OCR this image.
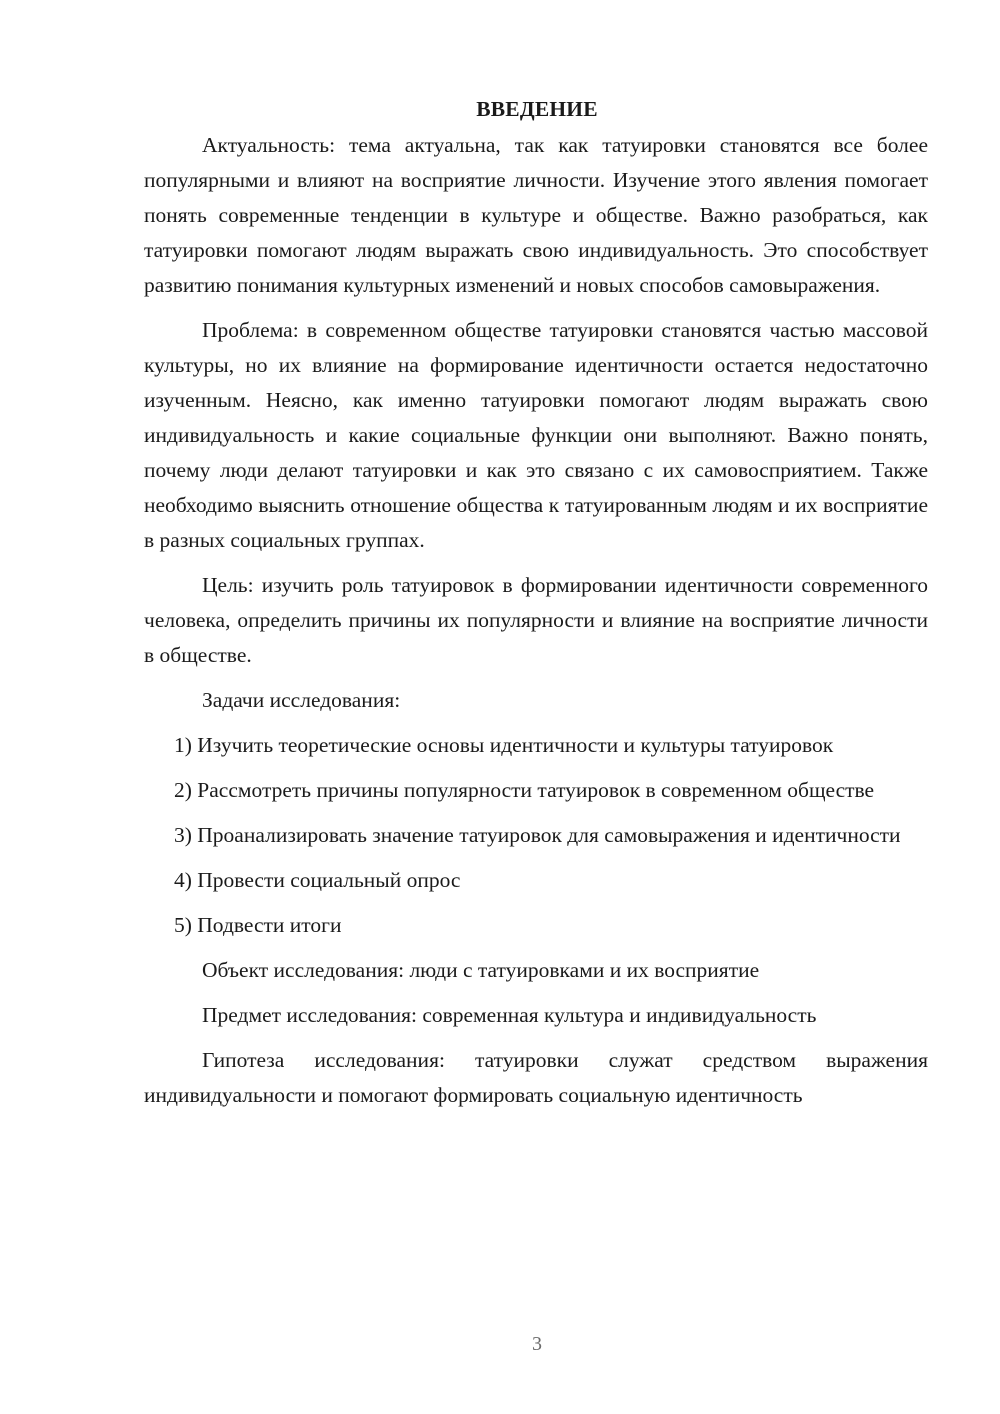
ВВЕДЕНИЕ

Актуальность: тема актуальна, так как татуировки становятся все более популярными и влияют на восприятие личности. Изучение этого явления помогает понять современные тенденции в культуре и обществе. Важно разобраться, как татуировки помогают людям выражать свою индивидуальность. Это способствует развитию понимания культурных изменений и новых способов самовыражения.

Проблема: в современном обществе татуировки становятся частью массовой культуры, но их влияние на формирование идентичности остается недостаточно изученным. Неясно, как именно татуировки помогают людям выражать свою индивидуальность и какие социальные функции они выполняют. Важно понять, почему люди делают татуировки и как это связано с их самовосприятием. Также необходимо выяснить отношение общества к татуированным людям и их восприятие в разных социальных группах.

Цель: изучить роль татуировок в формировании идентичности современного человека, определить причины их популярности и влияние на восприятие личности в обществе.

Задачи исследования:

1) Изучить теоретические основы идентичности и культуры татуировок
2) Рассмотреть причины популярности татуировок в современном обществе
3) Проанализировать значение татуировок для самовыражения и идентичности
4) Провести социальный опрос
5) Подвести итоги

Объект исследования: люди с татуировками и их восприятие

Предмет исследования: современная культура и индивидуальность

Гипотеза исследования: татуировки служат средством выражения индивидуальности и помогают формировать социальную идентичность

3
